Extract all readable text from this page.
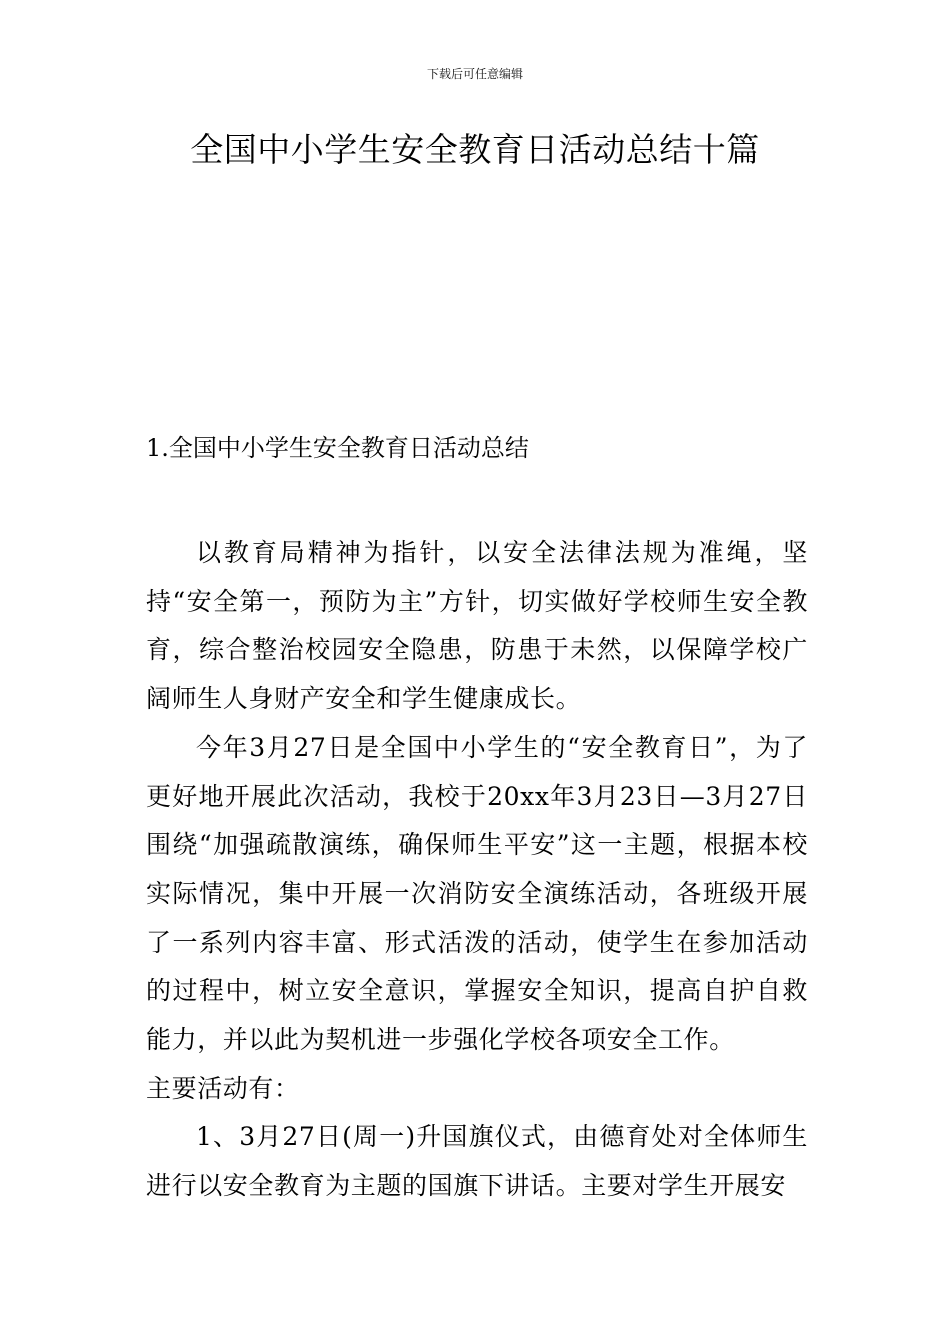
下载后可任意编辑
全国中小学生安全教育日活动总结十篇
1.全国中小学生安全教育日活动总结

以教育局精神为指针，以安全法律法规为准绳，坚持“安全第一，预防为主”方针，切实做好学校师生安全教育，综合整治校园安全隐患，防患于未然，以保障学校广阔师生人身财产安全和学生健康成长。

今年3月27日是全国中小学生的“安全教育日”，为了更好地开展此次活动，我校于20xx年3月23日—3月27日围绕“加强疏散演练，确保师生平安”这一主题，根据本校实际情况，集中开展一次消防安全演练活动，各班级开展了一系列内容丰富、形式活泼的活动，使学生在参加活动的过程中，树立安全意识，掌握安全知识，提高自护自救能力，并以此为契机进一步强化学校各项安全工作。

主要活动有：

1、3月27日(周一)升国旗仪式，由德育处对全体师生进行以安全教育为主题的国旗下讲话。主要对学生开展安
